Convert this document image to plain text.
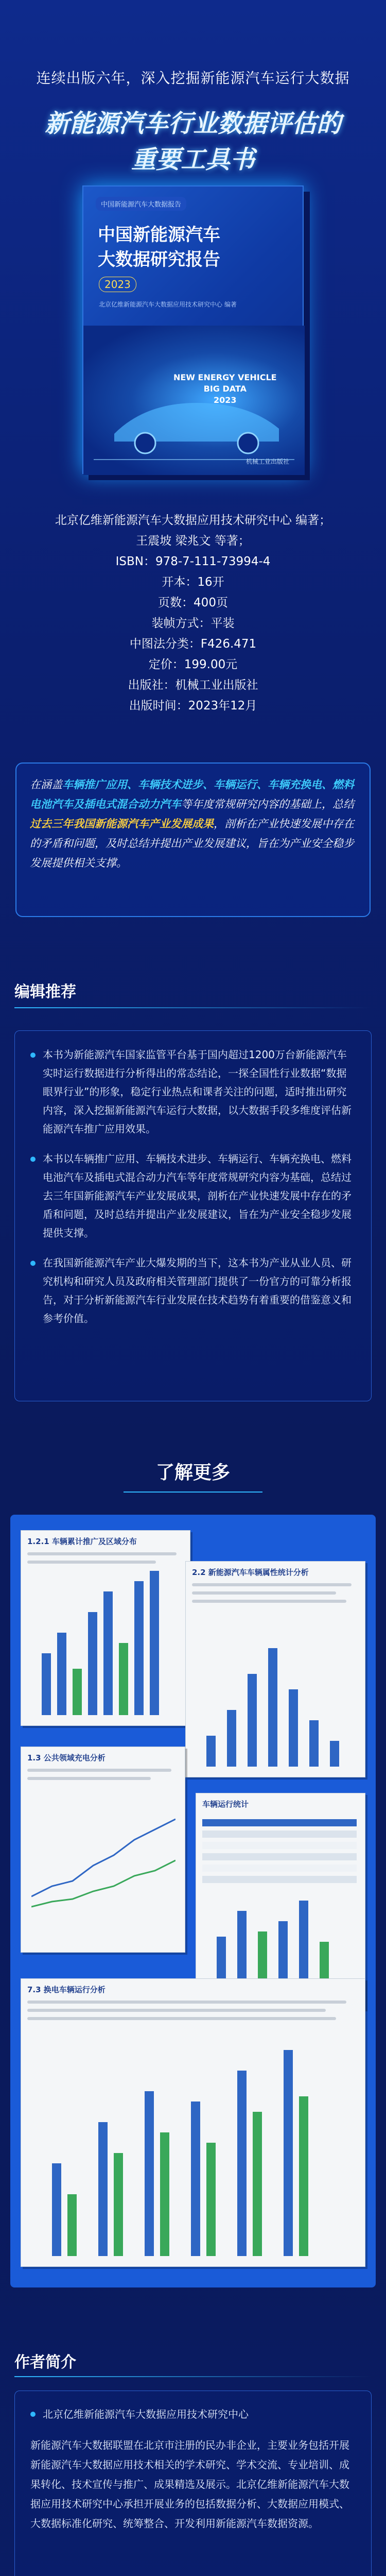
连续出版六年，深入挖掘新能源汽车运行大数据
新能源汽车行业数据评估的
重要工具书
中国新能源汽车大数据报告
中国新能源汽车
大数据研究报告
2023
北京亿维新能源汽车大数据应用技术研究中心 编著
NEW ENERGY VEHICLE
BIG DATA
2023
机械工业出版社
北京亿维新能源汽车大数据应用技术研究中心 编著；
王震坡 梁兆文 等著；
ISBN：978-7-111-73994-4
开本：16开
页数：400页
装帧方式：平装
中图法分类：F426.471
定价：199.00元
出版社：机械工业出版社
出版时间：2023年12月

在涵盖车辆推广应用、车辆技术进步、车辆运行、车辆充换电、燃料电池汽车及插电式混合动力汽车等年度常规研究内容的基础上，总结过去三年我国新能源汽车产业发展成果，剖析在产业快速发展中存在的矛盾和问题，及时总结并提出产业发展建议，旨在为产业安全稳步发展提供相关支撑。

编辑推荐

本书为新能源汽车国家监管平台基于国内超过1200万台新能源汽车实时运行数据进行分析得出的常态结论，一探全国性行业数据“数据眼界行业”的形象，稳定行业热点和课者关注的问题，适时推出研究内容，深入挖掘新能源汽车运行大数据，以大数据手段多维度评估新能源汽车推广应用效果。

本书以车辆推广应用、车辆技术进步、车辆运行、车辆充换电、燃料电池汽车及插电式混合动力汽车等年度常规研究内容为基础，总结过去三年国新能源汽车产业发展成果，剖析在产业快速发展中存在的矛盾和问题，及时总结并提出产业发展建议，旨在为产业安全稳步发展提供支撑。

在我国新能源汽车产业大爆发期的当下，这本书为产业从业人员、研究机构和研究人员及政府相关管理部门提供了一份官方的可靠分析报告，对于分析新能源汽车行业发展在技术趋势有着重要的借鉴意义和参考价值。

了解更多
1.2.1 车辆累计推广及区域分布
2.2 新能源汽车车辆属性统计分析
1.3 公共领域充电分析
车辆运行统计
7.3 换电车辆运行分析
作者简介

北京亿维新能源汽车大数据应用技术研究中心

新能源汽车大数据联盟在北京市注册的民办非企业，主要业务包括开展新能源汽车大数据应用技术相关的学术研究、学术交流、专业培训、成果转化、技术宣传与推广、成果精选及展示。北京亿维新能源汽车大数据应用技术研究中心承担开展业务的包括数据分析、大数据应用模式、大数据标准化研究、统筹整合、开发利用新能源汽车数据资源。
